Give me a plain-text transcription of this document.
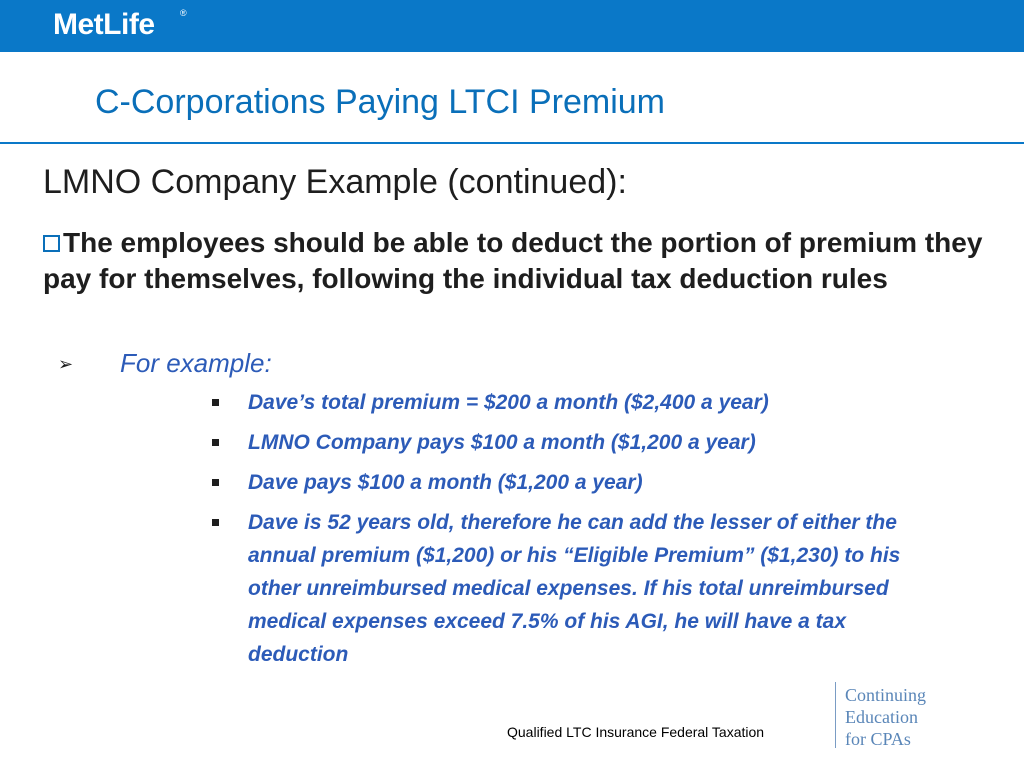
MetLife	®
C-Corporations Paying LTCI Premium
LMNO Company Example (continued):
The employees should be able to deduct the portion of premium they pay for themselves, following the individual tax deduction rules
➢ For example:
Dave’s total premium = $200 a month ($2,400 a year)
LMNO Company pays $100 a month ($1,200 a year)
Dave pays $100 a month ($1,200 a year)
Dave is 52 years old, therefore he can add the lesser of either the annual premium ($1,200) or his “Eligible Premium” ($1,230) to his other unreimbursed medical expenses. If his total unreimbursed medical expenses exceed 7.5% of his AGI, he will have a tax deduction
Qualified LTC Insurance Federal Taxation
Continuing
Education
for CPAs
